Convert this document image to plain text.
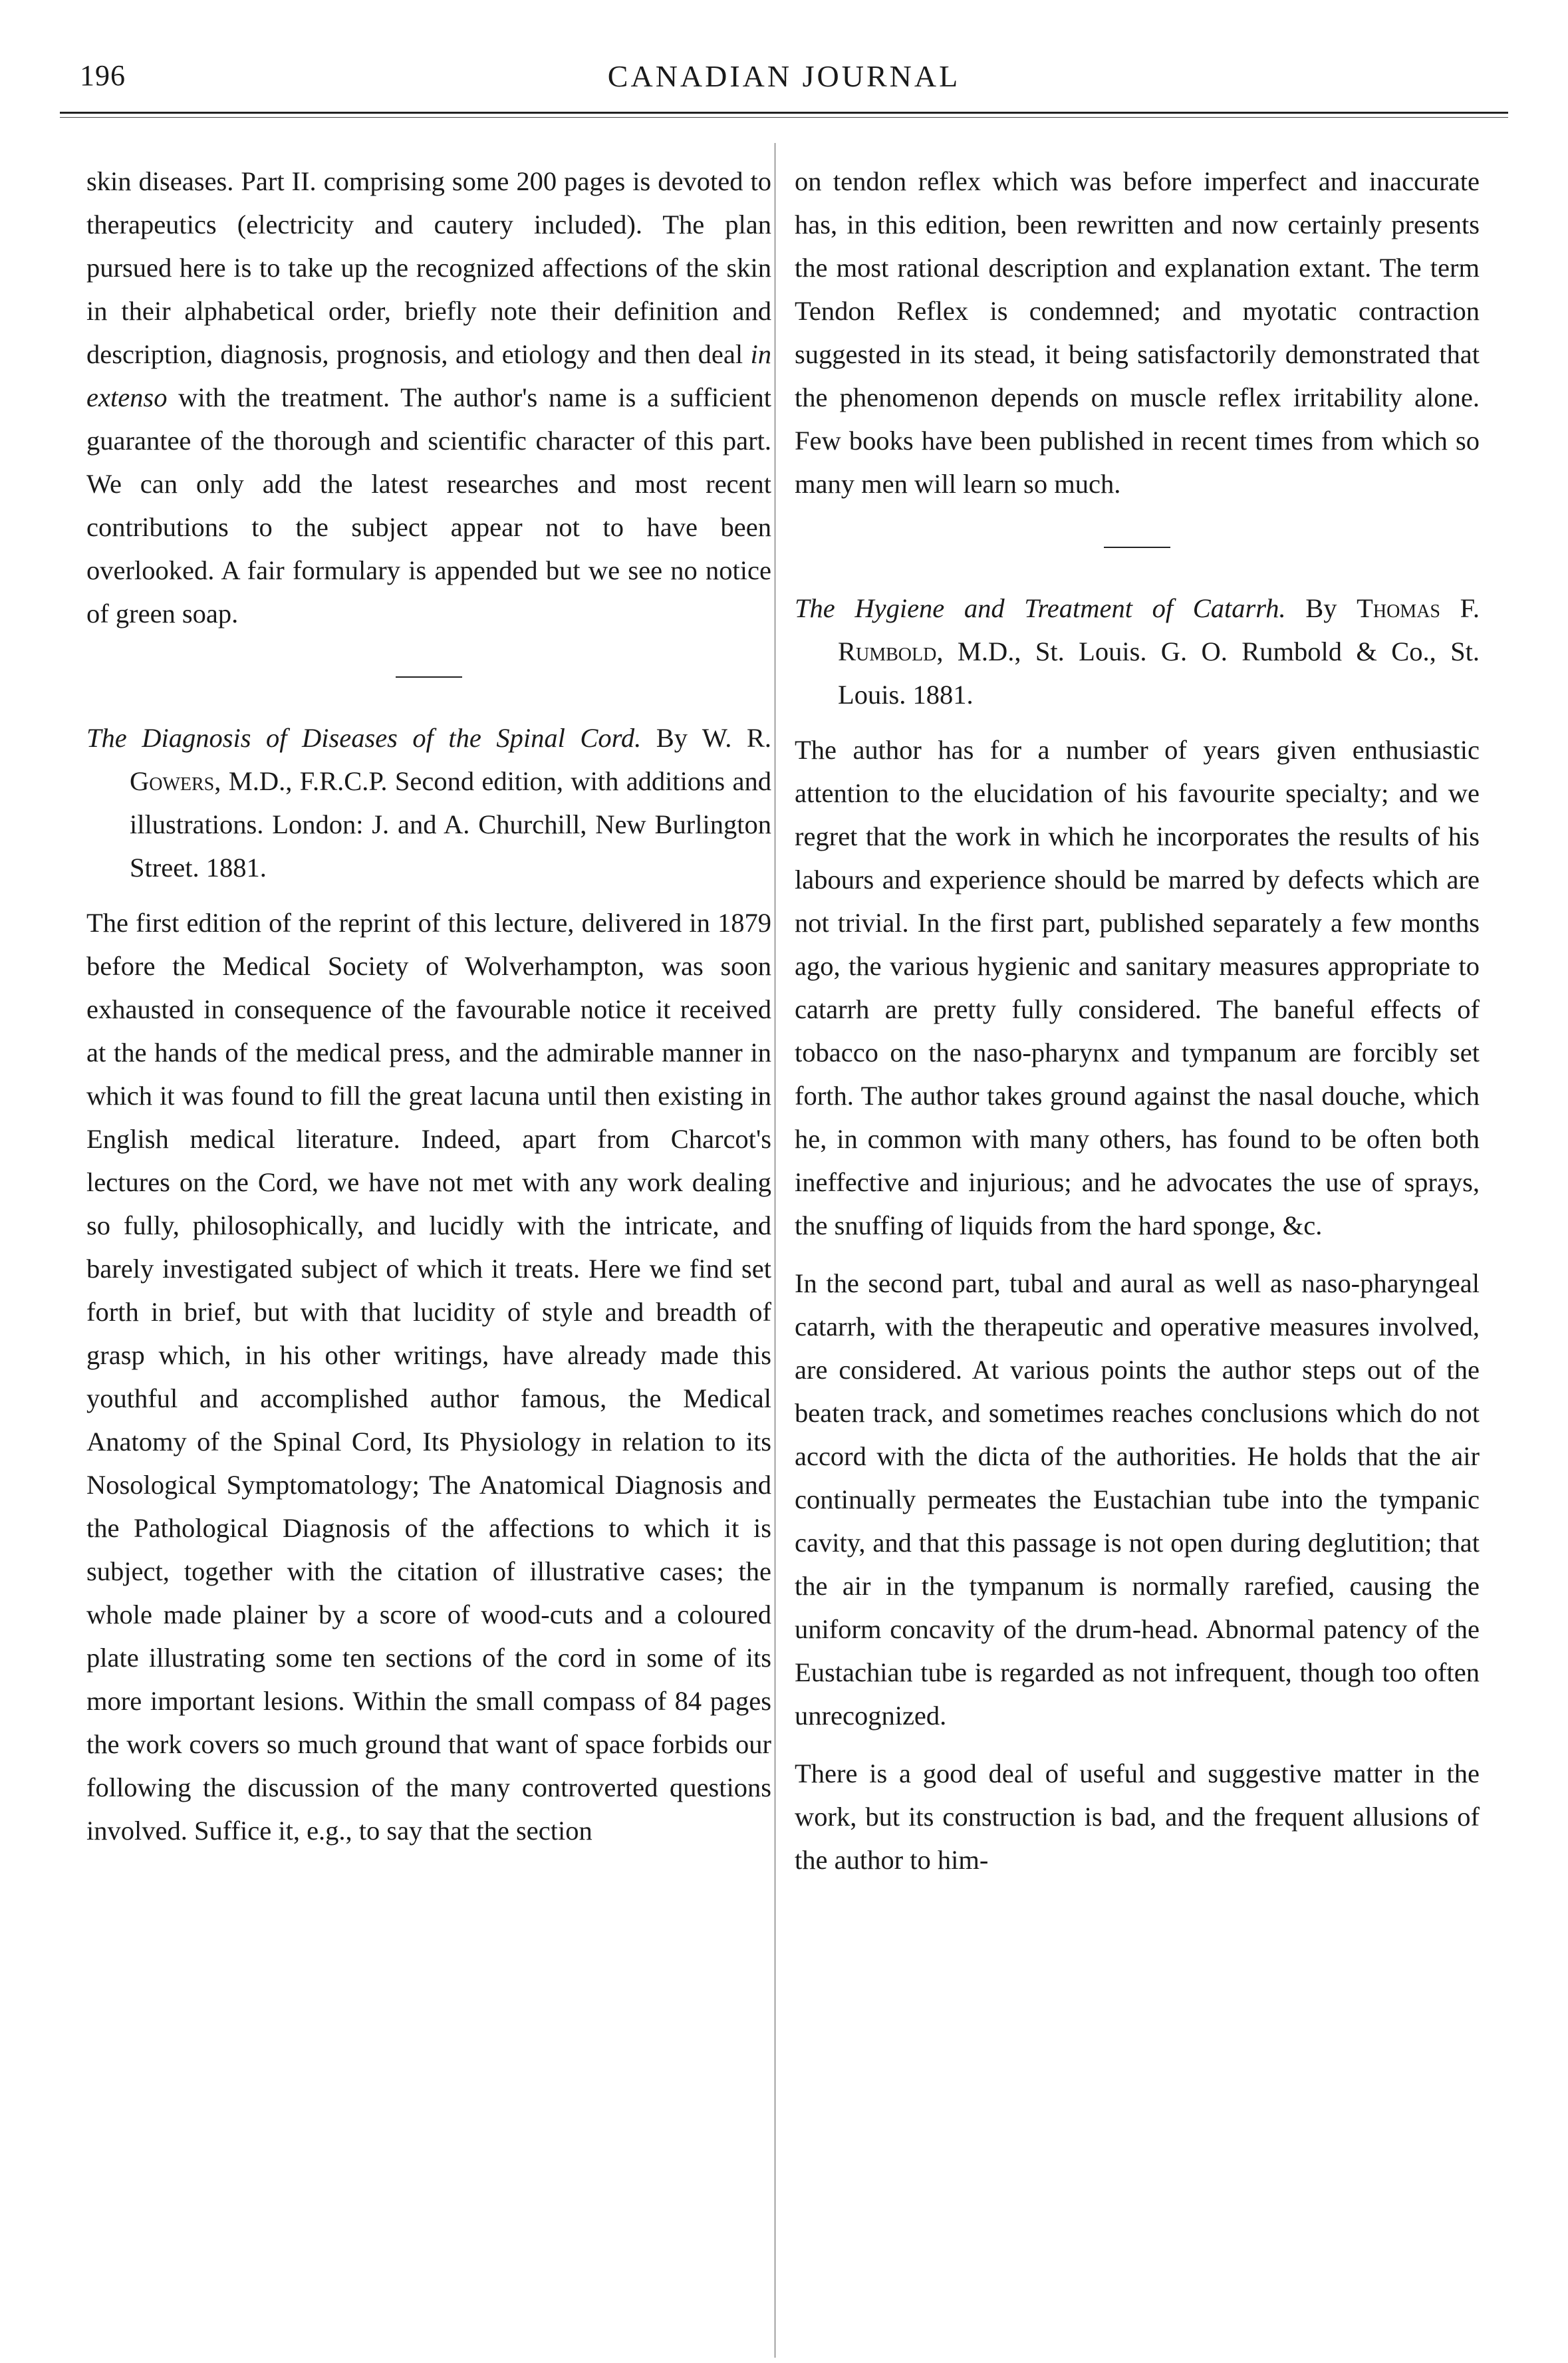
196	CANADIAN JOURNAL

skin diseases. Part II. comprising some 200 pages is devoted to therapeutics (electricity and cautery included). The plan pursued here is to take up the recognized affections of the skin in their alphabetical order, briefly note their definition and description, diagnosis, prognosis, and etiology and then deal in extenso with the treatment. The author's name is a sufficient guarantee of the thorough and scientific character of this part. We can only add the latest researches and most recent contributions to the subject appear not to have been overlooked. A fair formulary is appended but we see no notice of green soap.

The Diagnosis of Diseases of the Spinal Cord. By W. R. Gowers, M.D., F.R.C.P. Second edition, with additions and illustrations. London: J. and A. Churchill, New Burlington Street. 1881.

The first edition of the reprint of this lecture, delivered in 1879 before the Medical Society of Wolverhampton, was soon exhausted in consequence of the favourable notice it received at the hands of the medical press, and the admirable manner in which it was found to fill the great lacuna until then existing in English medical literature. Indeed, apart from Charcot's lectures on the Cord, we have not met with any work dealing so fully, philosophically, and lucidly with the intricate, and barely investigated subject of which it treats. Here we find set forth in brief, but with that lucidity of style and breadth of grasp which, in his other writings, have already made this youthful and accomplished author famous, the Medical Anatomy of the Spinal Cord, Its Physiology in relation to its Nosological Symptomatology; The Anatomical Diagnosis and the Pathological Diagnosis of the affections to which it is subject, together with the citation of illustrative cases; the whole made plainer by a score of wood-cuts and a coloured plate illustrating some ten sections of the cord in some of its more important lesions. Within the small compass of 84 pages the work covers so much ground that want of space forbids our following the discussion of the many controverted questions involved. Suffice it, e.g., to say that the section

on tendon reflex which was before imperfect and inaccurate has, in this edition, been rewritten and now certainly presents the most rational description and explanation extant. The term Tendon Reflex is condemned; and myotatic contraction suggested in its stead, it being satisfactorily demonstrated that the phenomenon depends on muscle reflex irritability alone. Few books have been published in recent times from which so many men will learn so much.

The Hygiene and Treatment of Catarrh. By Thomas F. Rumbold, M.D., St. Louis. G. O. Rumbold & Co., St. Louis. 1881.

The author has for a number of years given enthusiastic attention to the elucidation of his favourite specialty; and we regret that the work in which he incorporates the results of his labours and experience should be marred by defects which are not trivial. In the first part, published separately a few months ago, the various hygienic and sanitary measures appropriate to catarrh are pretty fully considered. The baneful effects of tobacco on the naso-pharynx and tympanum are forcibly set forth. The author takes ground against the nasal douche, which he, in common with many others, has found to be often both ineffective and injurious; and he advocates the use of sprays, the snuffing of liquids from the hard sponge, &c.

In the second part, tubal and aural as well as naso-pharyngeal catarrh, with the therapeutic and operative measures involved, are considered. At various points the author steps out of the beaten track, and sometimes reaches conclusions which do not accord with the dicta of the authorities. He holds that the air continually permeates the Eustachian tube into the tympanic cavity, and that this passage is not open during deglutition; that the air in the tympanum is normally rarefied, causing the uniform concavity of the drum-head. Abnormal patency of the Eustachian tube is regarded as not infrequent, though too often unrecognized.

There is a good deal of useful and suggestive matter in the work, but its construction is bad, and the frequent allusions of the author to him-
